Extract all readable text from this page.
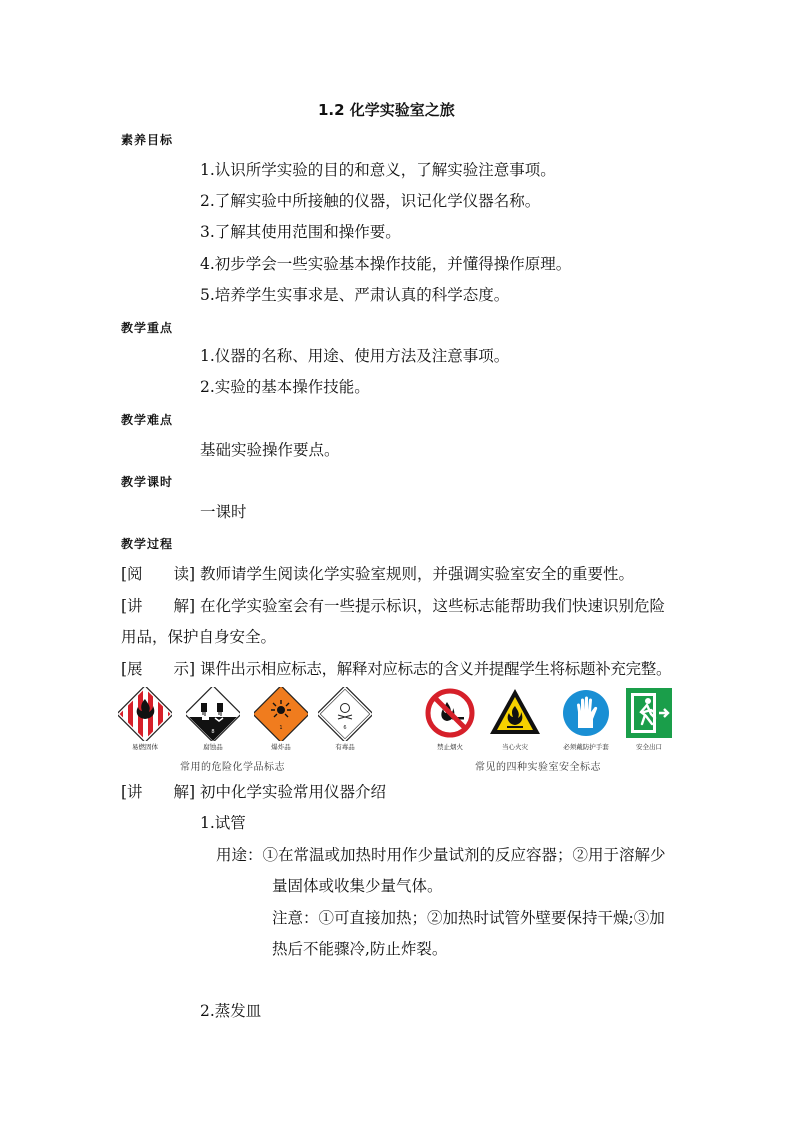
1.2 化学实验室之旅
素养目标
1.认识所学实验的目的和意义，了解实验注意事项。
2.了解实验中所接触的仪器，识记化学仪器名称。
3.了解其使用范围和操作要。
4.初步学会一些实验基本操作技能，并懂得操作原理。
5.培养学生实事求是、严肃认真的科学态度。
教学重点
1.仪器的名称、用途、使用方法及注意事项。
2.实验的基本操作技能。
教学难点
基础实验操作要点。
教学课时
一课时
教学过程
[阅　　读] 教师请学生阅读化学实验室规则，并强调实验室安全的重要性。
[讲　　解] 在化学实验室会有一些提示标识，这些标志能帮助我们快速识别危险
用品，保护自身安全。
[展　　示] 课件出示相应标志，解释对应标志的含义并提醒学生将标题补充完整。
8
1	6
易燃固体	腐蚀品	爆炸品	有毒品
常用的危险化学品标志
禁止烟火	当心火灾	必须戴防护手套	安全出口
常见的四种实验室安全标志
[讲　　解] 初中化学实验常用仪器介绍
1.试管
用途：①在常温或加热时用作少量试剂的反应容器；②用于溶解少
量固体或收集少量气体。
注意：①可直接加热；②加热时试管外壁要保持干燥;③加
热后不能骤冷,防止炸裂。
2.蒸发皿
